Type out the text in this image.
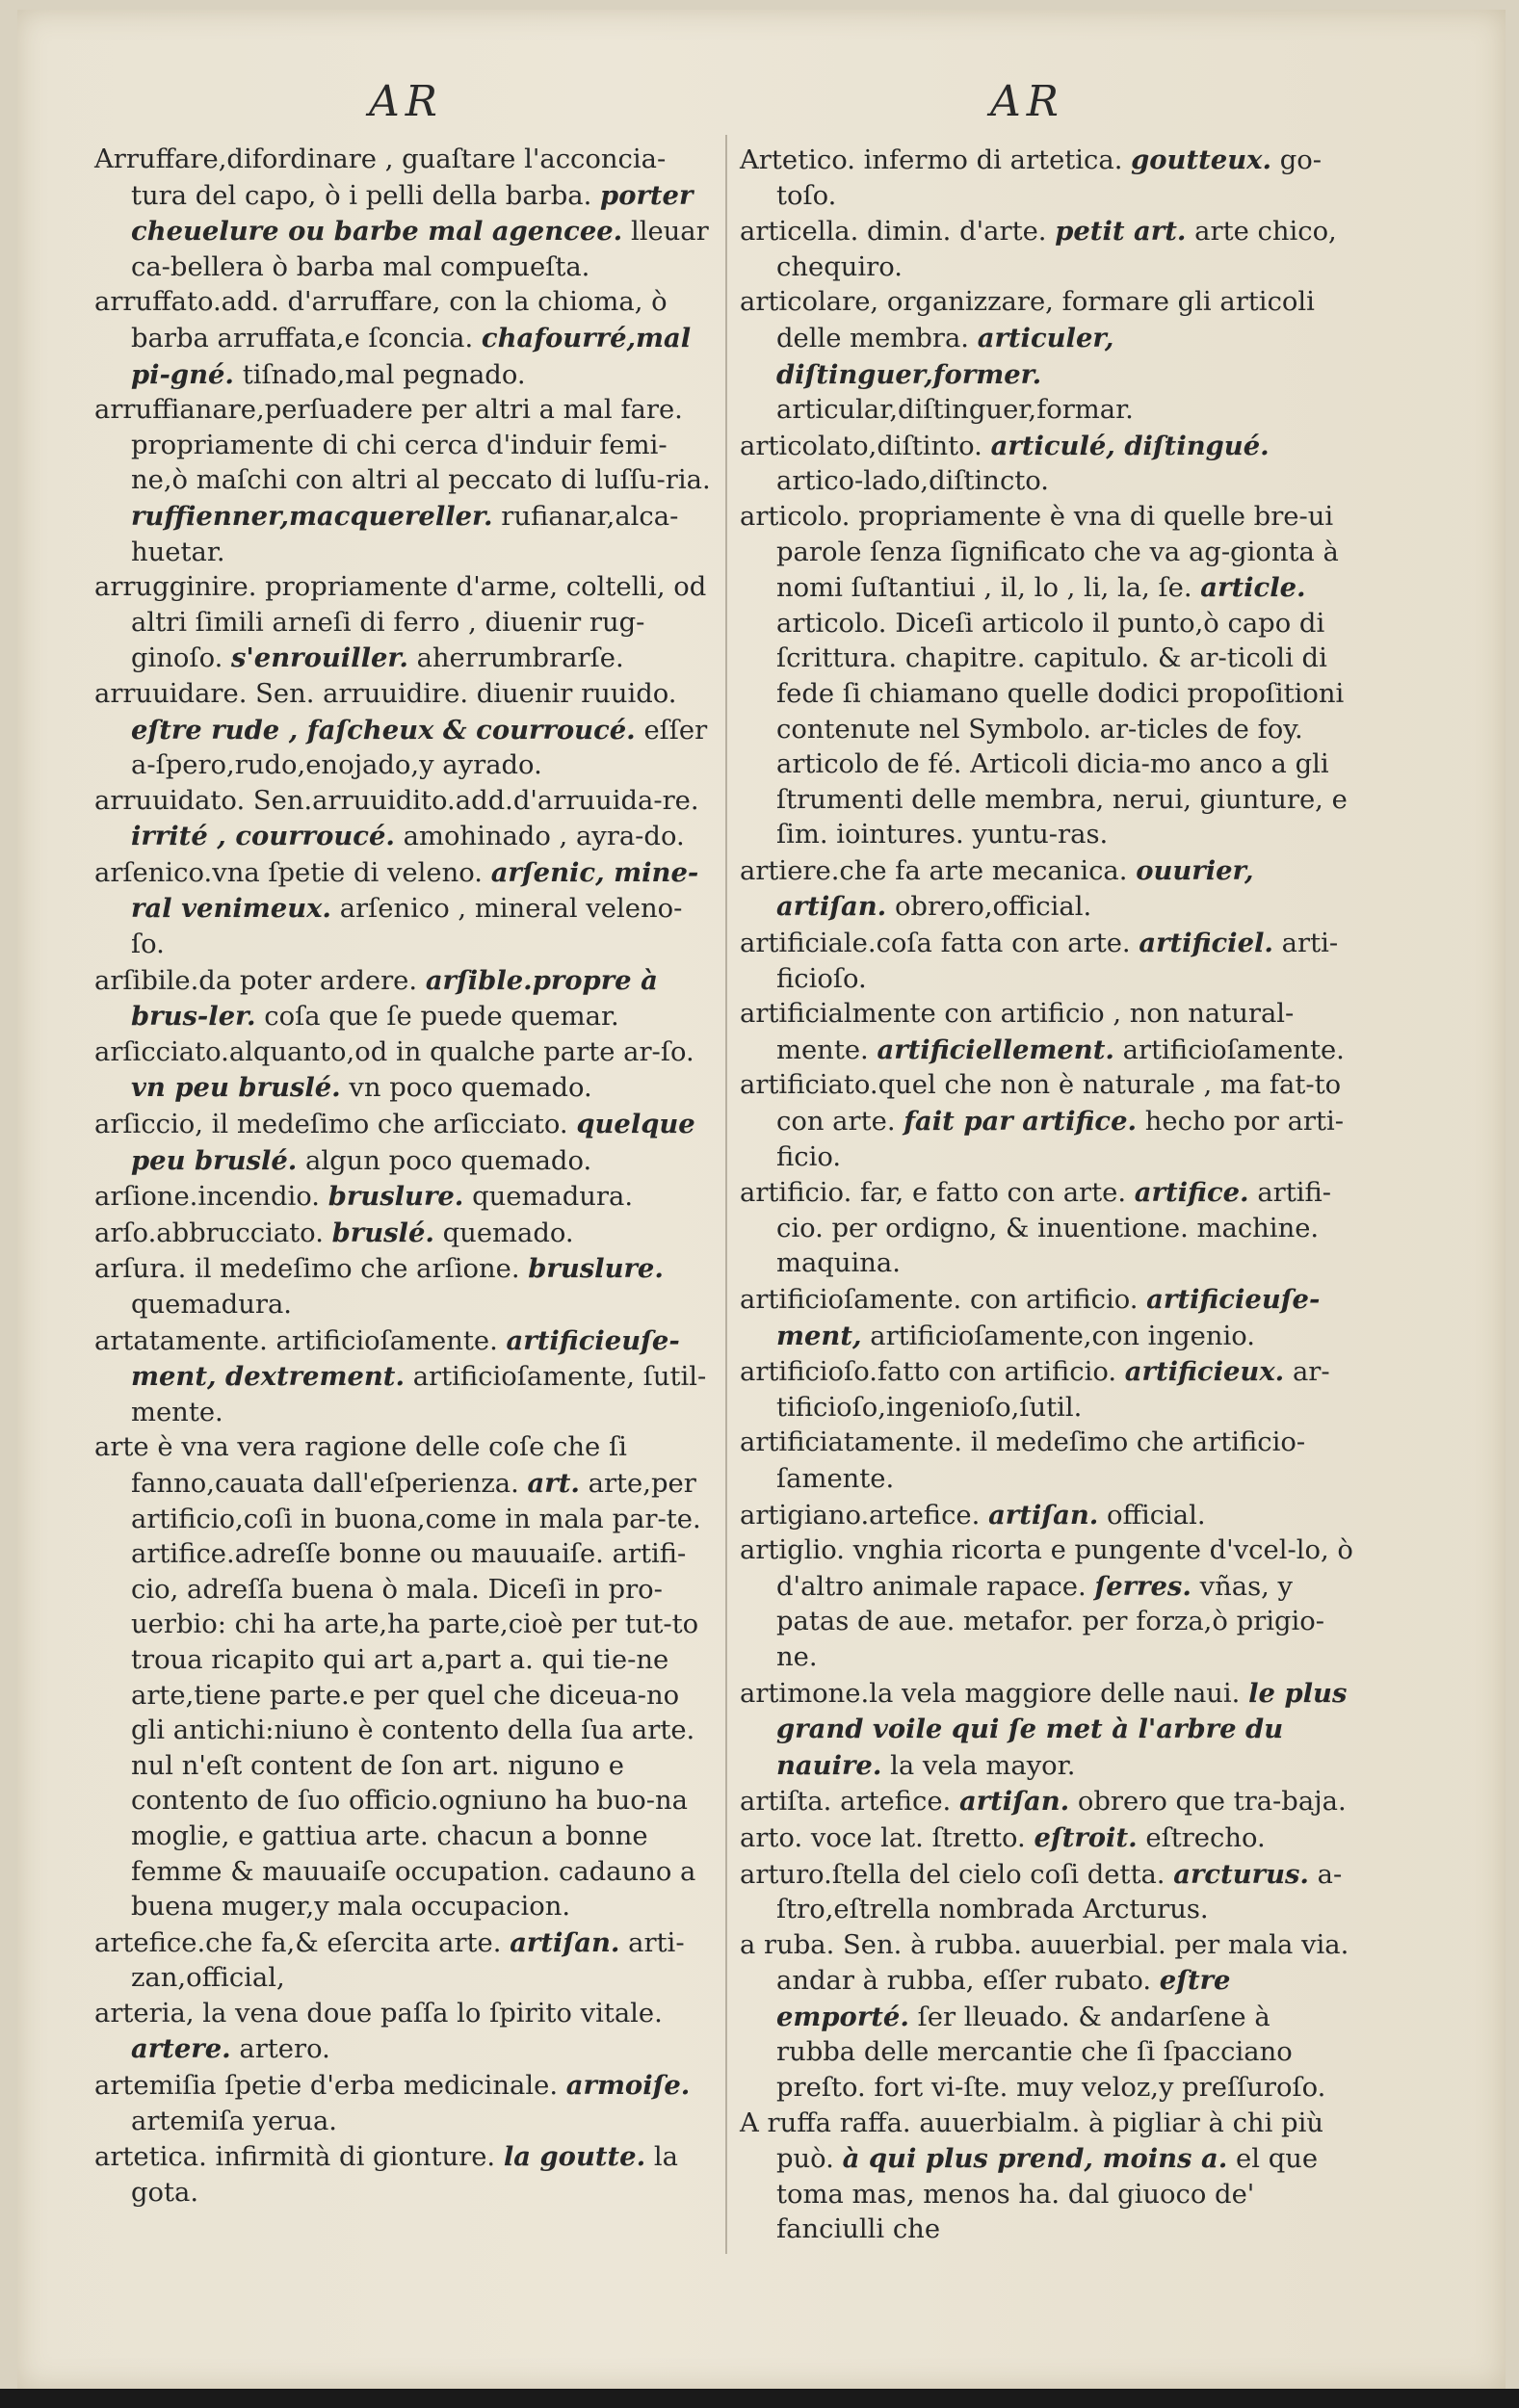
AR	AR

Arruffare,difordinare , guaſtare l'acconcia-tura del capo, ò i pelli della barba. porter cheuelure ou barbe mal agencee. lleuar ca-bellera ò barba mal compueſta.

arruffato.add. d'arruffare, con la chioma, ò barba arruffata,e ſconcia. chafourré,mal pi-gné. tiſnado,mal pegnado.

arruffianare,perſuadere per altri a mal fare. propriamente di chi cerca d'induir femi-ne,ò maſchi con altri al peccato di luſſu-ria. ruffienner,macquereller. rufianar,alca-huetar.

arrugginire. propriamente d'arme, coltelli, od altri ſimili arneſi di ferro , diuenir rug-ginoſo. s'enrouiller. aherrumbrarſe.

arruuidare. Sen. arruuidire. diuenir ruuido. eſtre rude , faſcheux & courroucé. eſſer a-ſpero,rudo,enojado,y ayrado.

arruuidato. Sen.arruuidito.add.d'arruuida-re. irrité , courroucé. amohinado , ayra-do.

arſenico.vna ſpetie di veleno. arſenic, mine-ral venimeux. arſenico , mineral veleno-ſo.

arſibile.da poter ardere. arſible.propre à brus-ler. coſa que ſe puede quemar.

arſicciato.alquanto,od in qualche parte ar-ſo. vn peu bruslé. vn poco quemado.

arſiccio, il medeſimo che arſicciato. quelque peu bruslé. algun poco quemado.

arſione.incendio. bruslure. quemadura.

arſo.abbrucciato. bruslé. quemado.

arſura. il medeſimo che arſione. bruslure. quemadura.

artatamente. artificioſamente. artificieuſe-ment, dextrement. artificioſamente, ſutil-mente.

arte è vna vera ragione delle coſe che ſi fanno,cauata dall'eſperienza. art. arte,per artificio,coſi in buona,come in mala par-te. artifice.adreſſe bonne ou mauuaiſe. artifi-cio, adreſſa buena ò mala. Diceſi in pro-uerbio: chi ha arte,ha parte,cioè per tut-to troua ricapito qui art a,part a. qui tie-ne arte,tiene parte.e per quel che diceua-no gli antichi:niuno è contento della ſua arte. nul n'eſt content de ſon art. niguno e contento de ſuo officio.ogniuno ha buo-na moglie, e gattiua arte. chacun a bonne femme & mauuaiſe occupation. cadauno a buena muger,y mala occupacion.

artefice.che fa,& eſercita arte. artiſan. arti-zan,official,

arteria, la vena doue paſſa lo ſpirito vitale. artere. artero.

artemiſia ſpetie d'erba medicinale. armoiſe. artemiſa yerua.

artetica. infirmità di gionture. la goutte. la gota.

Artetico. infermo di artetica. goutteux. go-toſo.

articella. dimin. d'arte. petit art. arte chico, chequiro.

articolare, organizzare, formare gli articoli delle membra. articuler, diſtinguer,former. articular,diſtinguer,formar.

articolato,diſtinto. articulé, diſtingué. artico-lado,diſtincto.

articolo. propriamente è vna di quelle bre-ui parole ſenza ſignificato che va ag-gionta à nomi ſuſtantiui , il, lo , li, la, ſe. article. articolo. Diceſi articolo il punto,ò capo di ſcrittura. chapitre. capitulo. & ar-ticoli di fede ſi chiamano quelle dodici propoſitioni contenute nel Symbolo. ar-ticles de foy. articolo de fé. Articoli dicia-mo anco a gli ſtrumenti delle membra, nerui, giunture, e ſim. iointures. yuntu-ras.

artiere.che fa arte mecanica. ouurier, artiſan. obrero,official.

artificiale.coſa fatta con arte. artificiel. arti-ficioſo.

artificialmente con artificio , non natural-mente. artificiellement. artificioſamente.

artificiato.quel che non è naturale , ma fat-to con arte. fait par artifice. hecho por arti-ficio.

artificio. far, e fatto con arte. artifice. artifi-cio. per ordigno, & inuentione. machine. maquina.

artificioſamente. con artificio. artificieuſe-ment, artificioſamente,con ingenio.

artificioſo.fatto con artificio. artificieux. ar-tificioſo,ingenioſo,ſutil.

artificiatamente. il medeſimo che artificio-ſamente.

artigiano.artefice. artiſan. official.

artiglio. vnghia ricorta e pungente d'vcel-lo, ò d'altro animale rapace. ſerres. vñas, y patas de aue. metafor. per forza,ò prigio-ne.

artimone.la vela maggiore delle naui. le plus grand voile qui ſe met à l'arbre du nauire. la vela mayor.

artiſta. artefice. artiſan. obrero que tra-baja.

arto. voce lat. ſtretto. eſtroit. eſtrecho.

arturo.ſtella del cielo coſi detta. arcturus. a-ſtro,eſtrella nombrada Arcturus.

a ruba. Sen. à rubba. auuerbial. per mala via. andar à rubba, eſſer rubato. eſtre emporté. ſer lleuado. & andarſene à rubba delle mercantie che ſi ſpacciano preſto. fort vi-ſte. muy veloz,y preſſuroſo.

A ruffa raffa. auuerbialm. à pigliar à chi più può. à qui plus prend, moins a. el que toma mas, menos ha. dal giuoco de' fanciulli che
